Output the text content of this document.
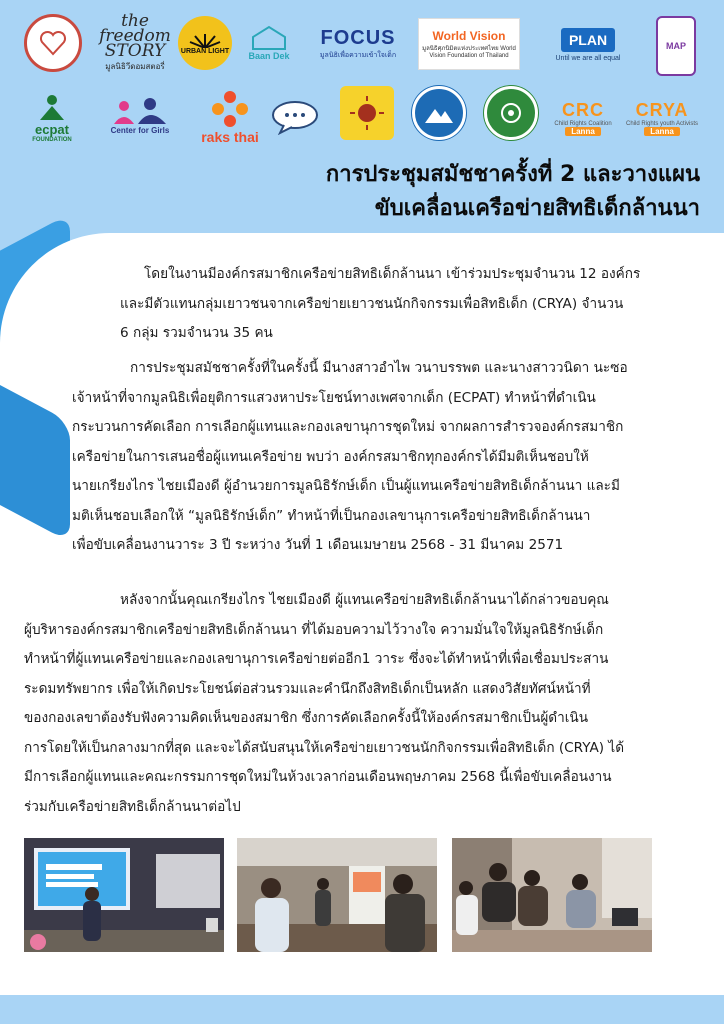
the freedom STORY
มูลนิธิวีดอมสตอรี่
URBAN LIGHT Baan Dek
FOCUS
มูลนิธิเพื่อความเข้าใจเด็ก
World Vision
มูลนิธิศุภนิมิตแห่งประเทศไทย World Vision Foundation of Thailand
PLAN
Until we are all equal
MAP
ecpat
FOUNDATION
Center for Girls raks thai
CRC
Child Rights Coalition
Lanna
CRYA
Child Rights youth Activists
Lanna
การประชุมสมัชชาครั้งที่ 2 และวางแผน
ขับเคลื่อนเครือข่ายสิทธิเด็กล้านนา
โดยในงานมีองค์กรสมาชิกเครือข่ายสิทธิเด็กล้านนา เข้าร่วมประชุมจำนวน 12 องค์กร
และมีตัวแทนกลุ่มเยาวชนจากเครือข่ายเยาวชนนักกิจกรรมเพื่อสิทธิเด็ก (CRYA) จำนวน
6 กลุ่ม รวมจำนวน 35 คน
การประชุมสมัชชาครั้งที่ในครั้งนี้ มีนางสาวอำไพ วนาบรรพต และนางสาววนิดา นะซอ
เจ้าหน้าที่จากมูลนิธิเพื่อยุติการแสวงหาประโยชน์ทางเพศจากเด็ก (ECPAT) ทำหน้าที่ดำเนิน
กระบวนการคัดเลือก การเลือกผู้แทนและกองเลขานุการชุดใหม่ จากผลการสำรวจองค์กรสมาชิก
เครือข่ายในการเสนอชื่อผู้แทนเครือข่าย พบว่า องค์กรสมาชิกทุกองค์กรได้มีมติเห็นชอบให้
นายเกรียงไกร ไชยเมืองดี ผู้อำนวยการมูลนิธิรักษ์เด็ก เป็นผู้แทนเครือข่ายสิทธิเด็กล้านนา และมี
มติเห็นชอบเลือกให้ “มูลนิธิรักษ์เด็ก” ทำหน้าที่เป็นกองเลขานุการเครือข่ายสิทธิเด็กล้านนา
เพื่อขับเคลื่อนงานวาระ 3 ปี ระหว่าง วันที่ 1 เดือนเมษายน 2568 - 31 มีนาคม 2571
หลังจากนั้นคุณเกรียงไกร ไชยเมืองดี ผู้แทนเครือข่ายสิทธิเด็กล้านนาได้กล่าวขอบคุณ
ผู้บริหารองค์กรสมาชิกเครือข่ายสิทธิเด็กล้านนา ที่ได้มอบความไว้วางใจ ความมั่นใจให้มูลนิธิรักษ์เด็ก
ทำหน้าที่ผู้แทนเครือข่ายและกองเลขานุการเครือข่ายต่ออีก1 วาระ ซึ่งจะได้ทำหน้าที่เพื่อเชื่อมประสาน
ระดมทรัพยากร เพื่อให้เกิดประโยชน์ต่อส่วนรวมและคำนึกถึงสิทธิเด็กเป็นหลัก แสดงวิสัยทัศน์หน้าที่
ของกองเลขาต้องรับฟังความคิดเห็นของสมาชิก ซึ่งการคัดเลือกครั้งนี้ให้องค์กรสมาชิกเป็นผู้ดำเนิน
การโดยให้เป็นกลางมากที่สุด และจะได้สนับสนุนให้เครือข่ายเยาวชนนักกิจกรรมเพื่อสิทธิเด็ก (CRYA) ได้
มีการเลือกผู้แทนและคณะกรรมการชุดใหม่ในห้วงเวลาก่อนเดือนพฤษภาคม 2568 นี้เพื่อขับเคลื่อนงาน
ร่วมกับเครือข่ายสิทธิเด็กล้านนาต่อไป
